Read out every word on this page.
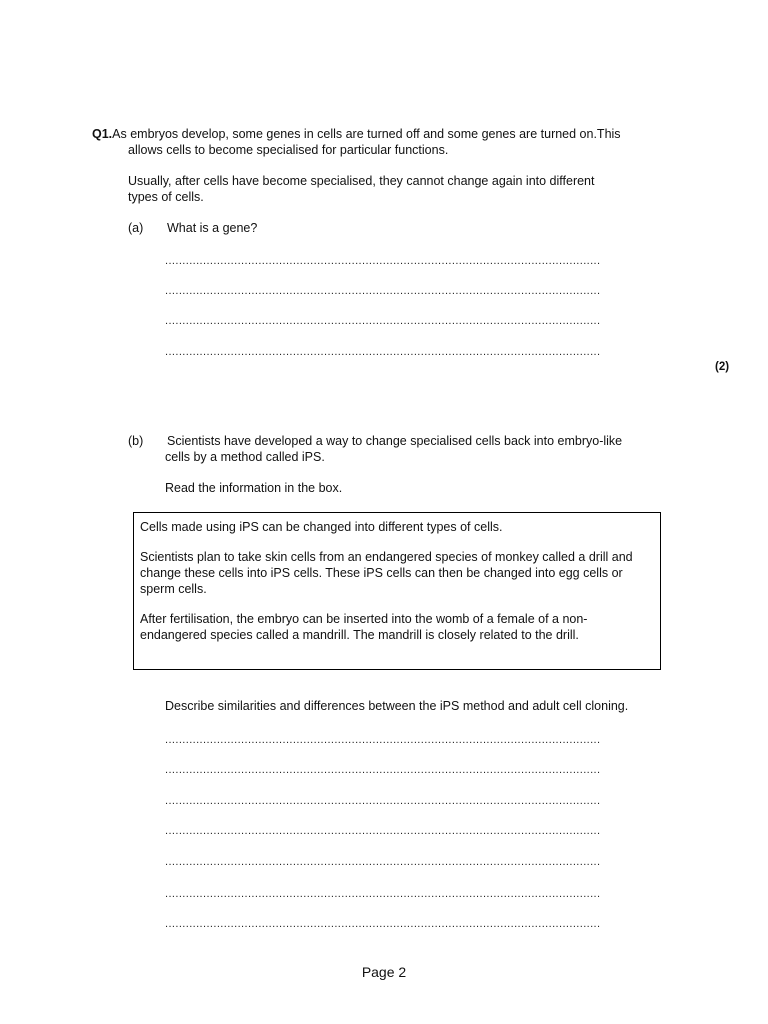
Q1.As embryos develop, some genes in cells are turned off and some genes are turned on.This
allows cells to become specialised for particular functions.
Usually, after cells have become specialised, they cannot change again into different
types of cells.
(a) What is a gene?
..............................................................................................................................
..............................................................................................................................
..............................................................................................................................
..............................................................................................................................
(2)
(b) Scientists have developed a way to change specialised cells back into embryo-like
cells by a method called iPS.
Read the information in the box.

Cells made using iPS can be changed into different types of cells.

Scientists plan to take skin cells from an endangered species of monkey called a drill and change these cells into iPS cells. These iPS cells can then be changed into egg cells or sperm cells.

After fertilisation, the embryo can be inserted into the womb of a female of a non-endangered species called a mandrill. The mandrill is closely related to the drill.

Describe similarities and differences between the iPS method and adult cell cloning.
..............................................................................................................................
..............................................................................................................................
..............................................................................................................................
..............................................................................................................................
..............................................................................................................................
..............................................................................................................................
..............................................................................................................................
Page 2
